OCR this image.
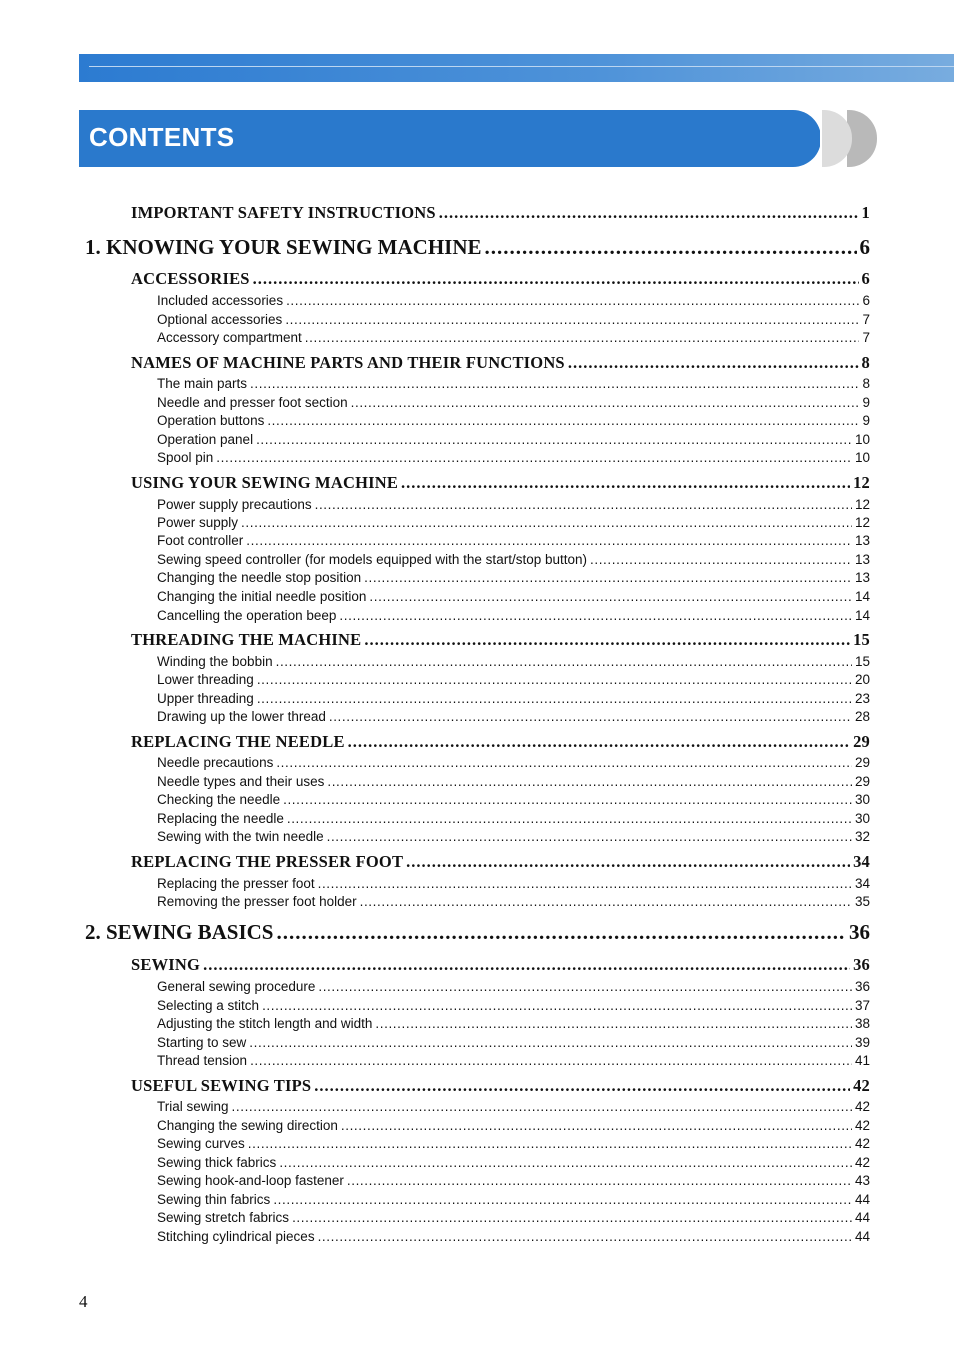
CONTENTS
IMPORTANT SAFETY INSTRUCTIONS .....	1
1. KNOWING YOUR SEWING MACHINE .....	6
ACCESSORIES .....	6
Included accessories .....	6
Optional accessories .....	7
Accessory compartment .....	7
NAMES OF MACHINE PARTS AND THEIR FUNCTIONS .....	8
The main parts .....	8
Needle and presser foot section .....	9
Operation buttons .....	9
Operation panel .....	10
Spool pin .....	10
USING YOUR SEWING MACHINE .....	12
Power supply precautions .....	12
Power supply .....	12
Foot controller .....	13
Sewing speed controller (for models equipped with the start/stop button) .....	13
Changing the needle stop position .....	13
Changing the initial needle position .....	14
Cancelling the operation beep .....	14
THREADING THE MACHINE .....	15
Winding the bobbin .....	15
Lower threading .....	20
Upper threading .....	23
Drawing up the lower thread .....	28
REPLACING THE NEEDLE .....	29
Needle precautions .....	29
Needle types and their uses .....	29
Checking the needle .....	30
Replacing the needle .....	30
Sewing with the twin needle .....	32
REPLACING THE PRESSER FOOT .....	34
Replacing the presser foot .....	34
Removing the presser foot holder .....	35
2. SEWING BASICS .....	36
SEWING .....	36
General sewing procedure .....	36
Selecting a stitch .....	37
Adjusting the stitch length and width .....	38
Starting to sew .....	39
Thread tension .....	41
USEFUL SEWING TIPS .....	42
Trial sewing .....	42
Changing the sewing direction .....	42
Sewing curves .....	42
Sewing thick fabrics .....	42
Sewing hook-and-loop fastener .....	43
Sewing thin fabrics .....	44
Sewing stretch fabrics .....	44
Stitching cylindrical pieces .....	44
4
